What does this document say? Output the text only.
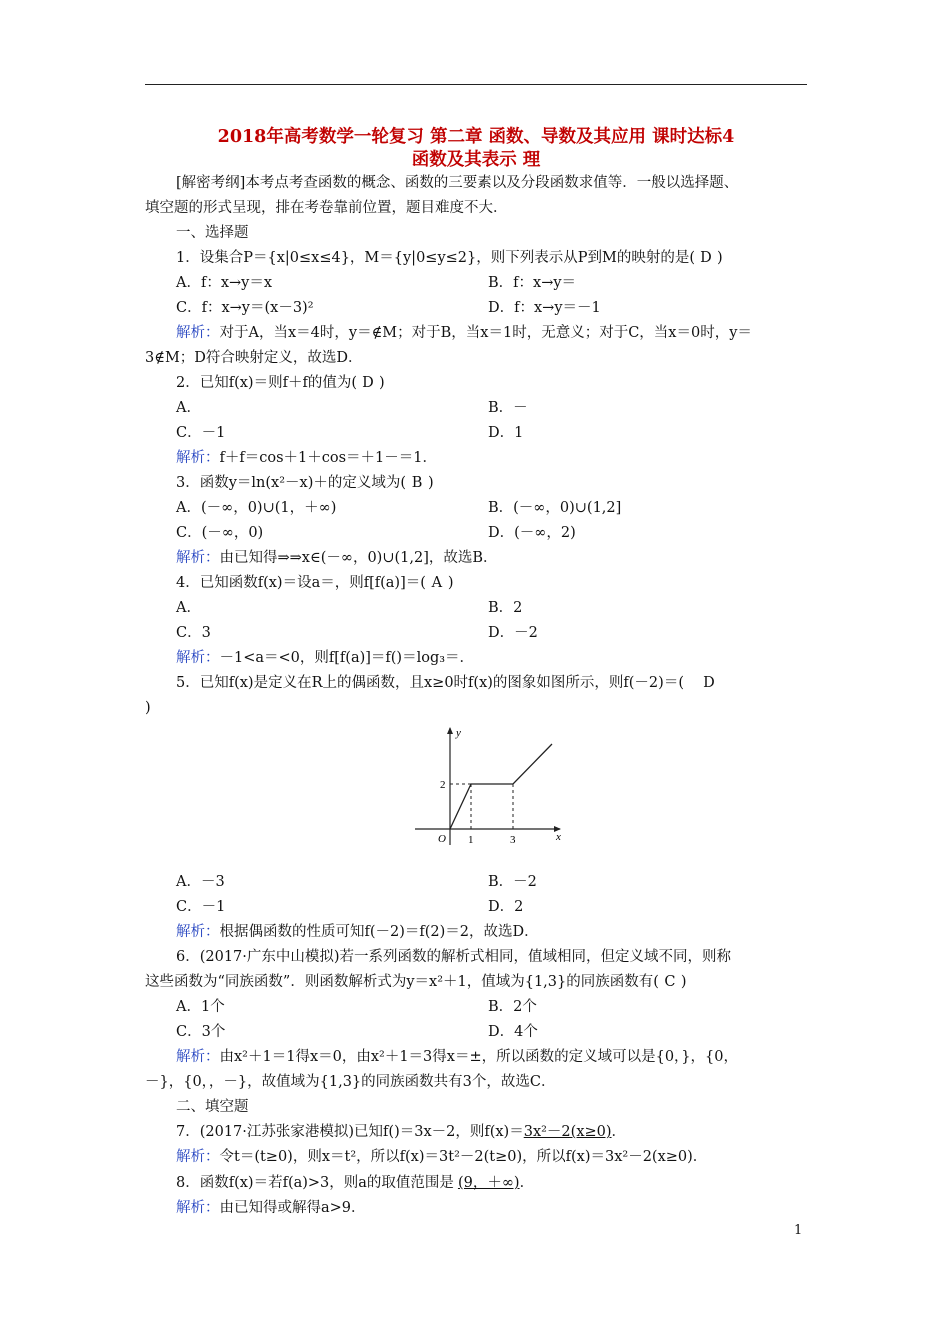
2018年高考数学一轮复习 第二章 函数、导数及其应用 课时达标4
函数及其表示 理
[解密考纲]本考点考查函数的概念、函数的三要素以及分段函数求值等．一般以选择题、
填空题的形式呈现，排在考卷靠前位置，题目难度不大．
一、选择题
1．设集合P＝{x|0≤x≤4}，M＝{y|0≤y≤2}，则下列表示从P到M的映射的是( D )
A．f：x→y＝x	B．f：x→y＝
C．f：x→y＝(x－3)²	D．f：x→y＝－1
解析：对于A，当x＝4时，y＝∉M；对于B，当x＝1时，无意义；对于C，当x＝0时，y＝
3∉M；D符合映射定义，故选D．
2．已知f(x)＝则f＋f的值为( D )
A．	B．－
C．－1	D．1
解析：f＋f＝cos＋1＋cos＝＋1－＝1．
3．函数y＝ln(x²－x)＋的定义域为( B )
A．(－∞，0)∪(1，＋∞)	B．(－∞，0)∪(1,2]
C．(－∞，0)	D．(－∞，2)
解析：由已知得⇒⇒x∈(－∞，0)∪(1,2]，故选B．
4．已知函数f(x)＝设a＝，则f[f(a)]＝( A )
A．	B．2
C．3	D．－2
解析：－1<a＝<0，则f[f(a)]＝f()＝log₃＝．
5．已知f(x)是定义在R上的偶函数，且x≥0时f(x)的图象如图所示，则f(－2)＝( D
)
y
x
O
2
1	3
A．－3	B．－2
C．－1	D．2
解析：根据偶函数的性质可知f(－2)＝f(2)＝2，故选D．
6．(2017·广东中山模拟)若一系列函数的解析式相同，值域相同，但定义域不同，则称
这些函数为“同族函数”．则函数解析式为y＝x²＋1，值域为{1,3}的同族函数有( C )
A．1个	B．2个
C．3个	D．4个
解析：由x²＋1＝1得x＝0，由x²＋1＝3得x＝±，所以函数的定义域可以是{0，}，{0，
－}，{0，，－}，故值域为{1,3}的同族函数共有3个，故选C．
二、填空题
7．(2017·江苏张家港模拟)已知f()＝3x－2，则f(x)＝3x²－2(x≥0)．
解析：令t＝(t≥0)，则x＝t²，所以f(x)＝3t²－2(t≥0)，所以f(x)＝3x²－2(x≥0)．
8．函数f(x)＝若f(a)>3，则a的取值范围是 (9，＋∞)．
解析：由已知得或解得a>9．
1
